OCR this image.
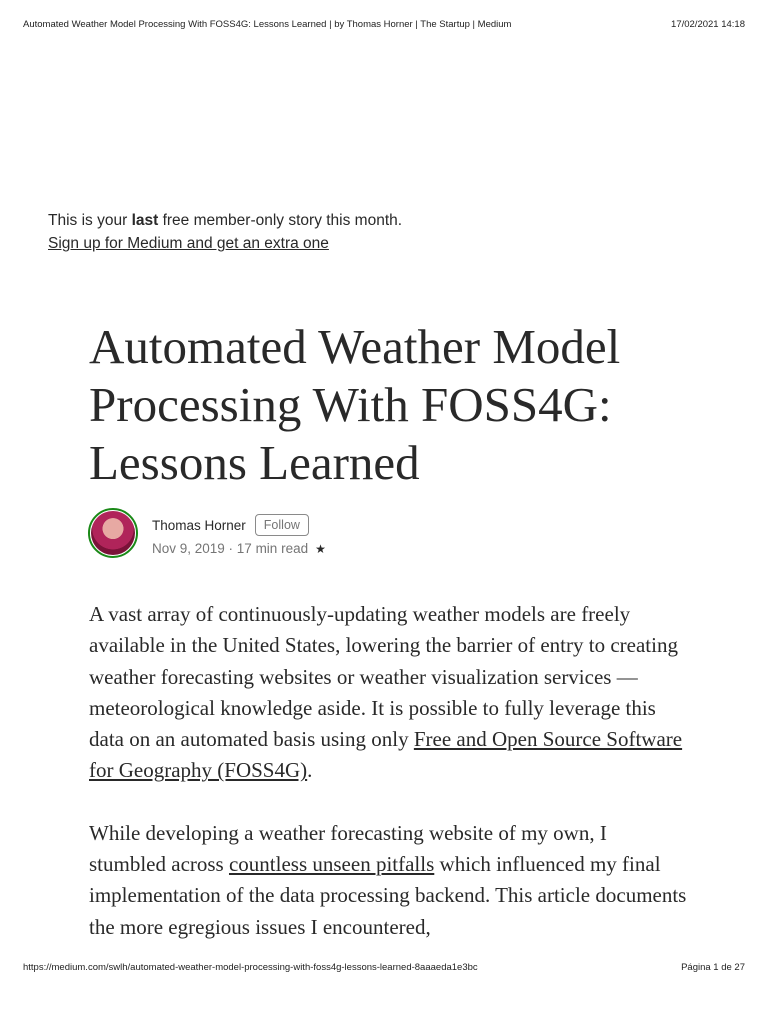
Automated Weather Model Processing With FOSS4G: Lessons Learned | by Thomas Horner | The Startup | Medium	17/02/2021 14:18
This is your last free member-only story this month.
Sign up for Medium and get an extra one
Automated Weather Model Processing With FOSS4G: Lessons Learned
Thomas Horner	Follow
Nov 9, 2019 · 17 min read ★

A vast array of continuously-updating weather models are freely available in the United States, lowering the barrier of entry to creating weather forecasting websites or weather visualization services — meteorological knowledge aside. It is possible to fully leverage this data on an automated basis using only Free and Open Source Software for Geography (FOSS4G).

While developing a weather forecasting website of my own, I stumbled across countless unseen pitfalls which influenced my final implementation of the data processing backend. This article documents the more egregious issues I encountered,

https://medium.com/swlh/automated-weather-model-processing-with-foss4g-lessons-learned-8aaaeda1e3bc	Página 1 de 27
